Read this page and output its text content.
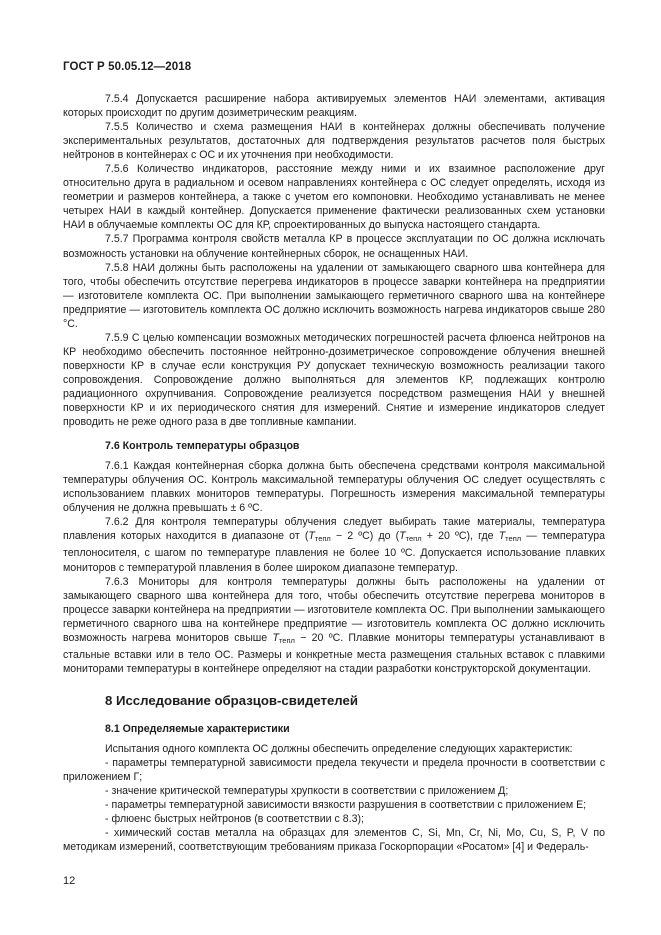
ГОСТ Р 50.05.12—2018

7.5.4 Допускается расширение набора активируемых элементов НАИ элементами, активация которых происходит по другим дозиметрическим реакциям.

7.5.5 Количество и схема размещения НАИ в контейнерах должны обеспечивать получение экспериментальных результатов, достаточных для подтверждения результатов расчетов поля быстрых нейтронов в контейнерах с ОС и их уточнения при необходимости.

7.5.6 Количество индикаторов, расстояние между ними и их взаимное расположение друг относительно друга в радиальном и осевом направлениях контейнера с ОС следует определять, исходя из геометрии и размеров контейнера, а также с учетом его компоновки. Необходимо устанавливать не менее четырех НАИ в каждый контейнер. Допускается применение фактически реализованных схем установки НАИ в облучаемые комплекты ОС для КР, спроектированных до выпуска настоящего стандарта.

7.5.7 Программа контроля свойств металла КР в процессе эксплуатации по ОС должна исключать возможность установки на облучение контейнерных сборок, не оснащенных НАИ.

7.5.8 НАИ должны быть расположены на удалении от замыкающего сварного шва контейнера для того, чтобы обеспечить отсутствие перегрева индикаторов в процессе заварки контейнера на предприятии — изготовителе комплекта ОС. При выполнении замыкающего герметичного сварного шва на контейнере предприятие — изготовитель комплекта ОС должно исключить возможность нагрева индикаторов свыше 280 °С.

7.5.9 С целью компенсации возможных методических погрешностей расчета флюенса нейтронов на КР необходимо обеспечить постоянное нейтронно-дозиметрическое сопровождение облучения внешней поверхности КР в случае если конструкция РУ допускает техническую возможность реализации такого сопровождения. Сопровождение должно выполняться для элементов КР, подлежащих контролю радиационного охрупчивания. Сопровождение реализуется посредством размещения НАИ у внешней поверхности КР и их периодического снятия для измерений. Снятие и измерение индикаторов следует проводить не реже одного раза в две топливные кампании.

7.6 Контроль температуры образцов

7.6.1 Каждая контейнерная сборка должна быть обеспечена средствами контроля максимальной температуры облучения ОС. Контроль максимальной температуры облучения ОС следует осуществлять с использованием плавких мониторов температуры. Погрешность измерения максимальной температуры облучения не должна превышать ± 6 ºС.

7.6.2 Для контроля температуры облучения следует выбирать такие материалы, температура плавления которых находится в диапазоне от ($T_{тепл} - 2$ ºС) до ($T_{тепл} + 20$ ºС), где $T_{тепл}$ — температура теплоносителя, с шагом по температуре плавления не более 10 ºС. Допускается использование плавких мониторов с температурой плавления в более широком диапазоне температур.

7.6.3 Мониторы для контроля температуры должны быть расположены на удалении от замыкающего сварного шва контейнера для того, чтобы обеспечить отсутствие перегрева мониторов в процессе заварки контейнера на предприятии — изготовителе комплекта ОС. При выполнении замыкающего герметичного сварного шва на контейнере предприятие — изготовитель комплекта ОС должно исключить возможность нагрева мониторов свыше $T_{тепл} - 20$ ºС. Плавкие мониторы температуры устанавливают в стальные вставки или в тело ОС. Размеры и конкретные места размещения стальных вставок с плавкими мониторами температуры в контейнере определяют на стадии разработки конструкторской документации.

8 Исследование образцов-свидетелей
8.1 Определяемые характеристики

Испытания одного комплекта ОС должны обеспечить определение следующих характеристик:

- параметры температурной зависимости предела текучести и предела прочности в соответствии с приложением Г;

- значение критической температуры хрупкости в соответствии с приложением Д;

- параметры температурной зависимости вязкости разрушения в соответствии с приложением Е;

- флюенс быстрых нейтронов (в соответствии с 8.3);

- химический состав металла на образцах для элементов C, Si, Mn, Cr, Ni, Mo, Cu, S, P, V по методикам измерений, соответствующим требованиям приказа Госкорпорации «Росатом» [4] и Федераль-

12
